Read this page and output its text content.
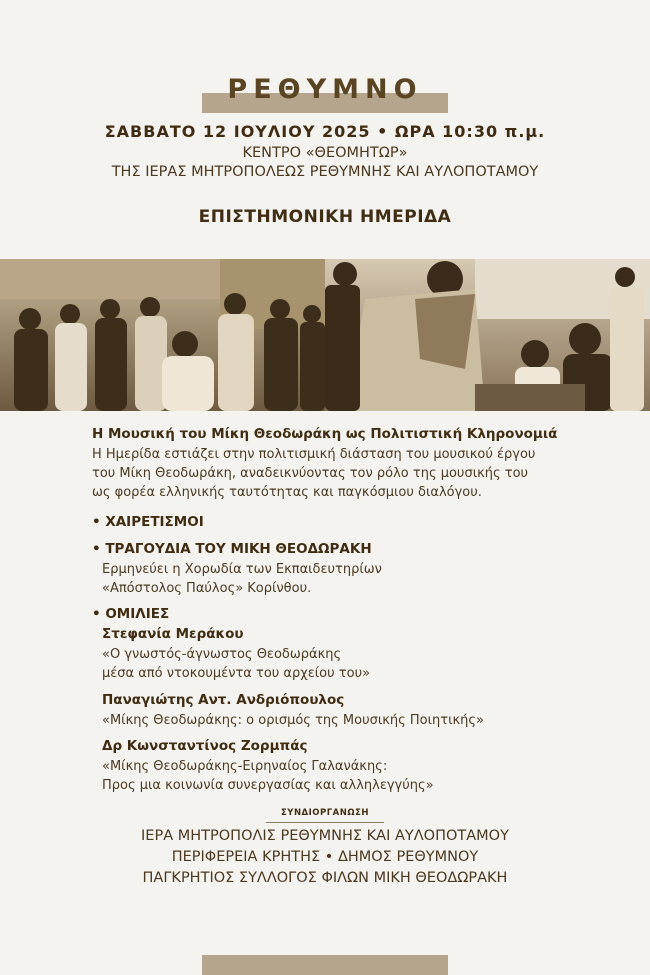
ΡΕΘΥΜΝΟ
ΣΑΒΒΑΤΟ 12 ΙΟΥΛΙΟΥ 2025 • ΩΡΑ 10:30 π.μ.
ΚΕΝΤΡΟ «ΘΕΟΜΗΤΩΡ»
ΤΗΣ ΙΕΡΑΣ ΜΗΤΡΟΠΟΛΕΩΣ ΡΕΘΥΜΝΗΣ ΚΑΙ ΑΥΛΟΠΟΤΑΜΟΥ
ΕΠΙΣΤΗΜΟΝΙΚΗ ΗΜΕΡΙΔΑ
Η Μουσική του Μίκη Θεοδωράκη ως Πολιτιστική Κληρονομιά
Η Ημερίδα εστιάζει στην πολιτισμική διάσταση του μουσικού έργου
του Μίκη Θεοδωράκη, αναδεικνύοντας τον ρόλο της μουσικής του
ως φορέα ελληνικής ταυτότητας και παγκόσμιου διαλόγου.
• ΧΑΙΡΕΤΙΣΜΟΙ
• ΤΡΑΓΟΥΔΙΑ ΤΟΥ ΜΙΚΗ ΘΕΟΔΩΡΑΚΗ
Ερμηνεύει η Χορωδία των Εκπαιδευτηρίων
«Απόστολος Παύλος» Κορίνθου.
• ΟΜΙΛΙΕΣ
Στεφανία Μεράκου
«Ο γνωστός-άγνωστος Θεοδωράκης
μέσα από ντοκουμέντα του αρχείου του»
Παναγιώτης Αντ. Ανδριόπουλος
«Μίκης Θεοδωράκης: ο ορισμός της Μουσικής Ποιητικής»
Δρ Κωνσταντίνος Ζορμπάς
«Μίκης Θεοδωράκης-Ειρηναίος Γαλανάκης:
Προς μια κοινωνία συνεργασίας και αλληλεγγύης»
ΣΥΝΔΙΟΡΓΑΝΩΣΗ
ΙΕΡΑ ΜΗΤΡΟΠΟΛΙΣ ΡΕΘΥΜΝΗΣ ΚΑΙ ΑΥΛΟΠΟΤΑΜΟΥ
ΠΕΡΙΦΕΡΕΙΑ ΚΡΗΤΗΣ • ΔΗΜΟΣ ΡΕΘΥΜΝΟΥ
ΠΑΓΚΡΗΤΙΟΣ ΣΥΛΛΟΓΟΣ ΦΙΛΩΝ ΜΙΚΗ ΘΕΟΔΩΡΑΚΗ
